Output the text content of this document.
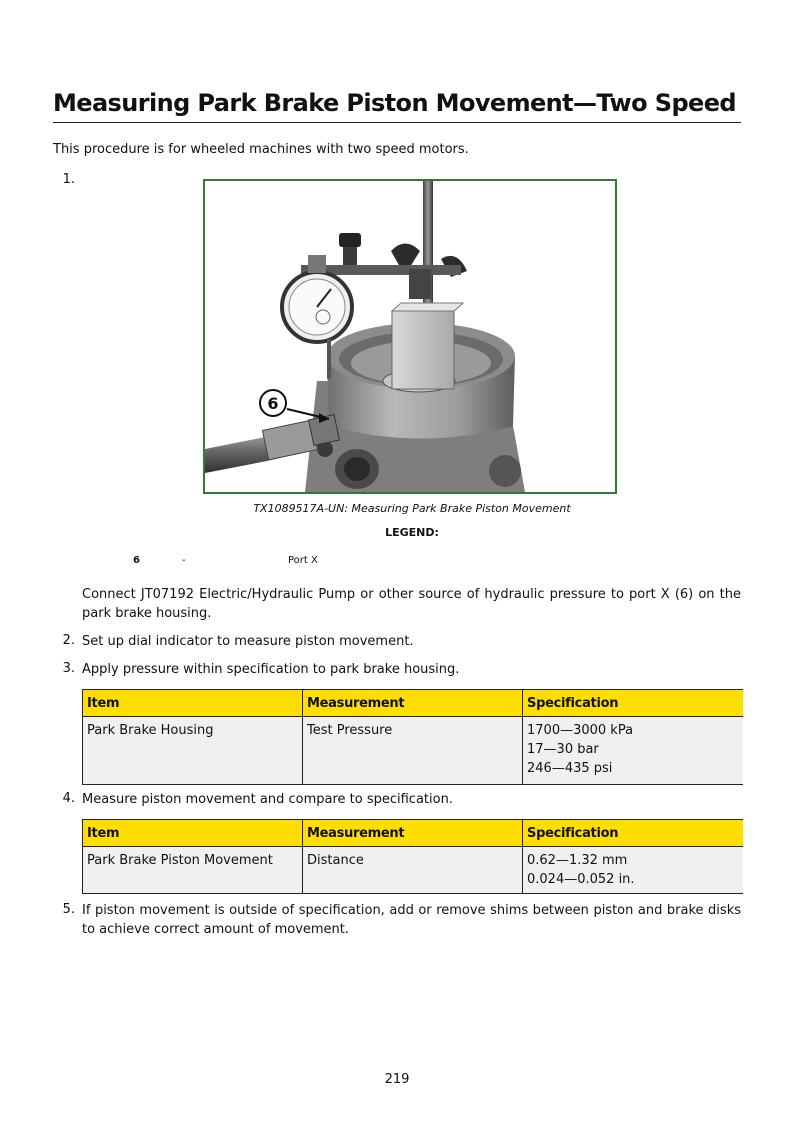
Measuring Park Brake Piston Movement—Two Speed
This procedure is for wheeled machines with two speed motors.
1.
6
TX1089517A-UN: Measuring Park Brake Piston Movement
LEGEND:
6	-	Port X
Connect JT07192 Electric/Hydraulic Pump or other source of hydraulic pressure to port X (6) on the park brake housing.
2. Set up dial indicator to measure piston movement.
3. Apply pressure within specification to park brake housing.
Item	Measurement	Specification
Park Brake Housing	Test Pressure	1700—3000 kPa
17—30 bar
246—435 psi
4. Measure piston movement and compare to specification.
Item	Measurement	Specification
Park Brake Piston Movement	Distance	0.62—1.32 mm
0.024—0.052 in.
5. If piston movement is outside of specification, add or remove shims between piston and brake disks to achieve correct amount of movement.
219
